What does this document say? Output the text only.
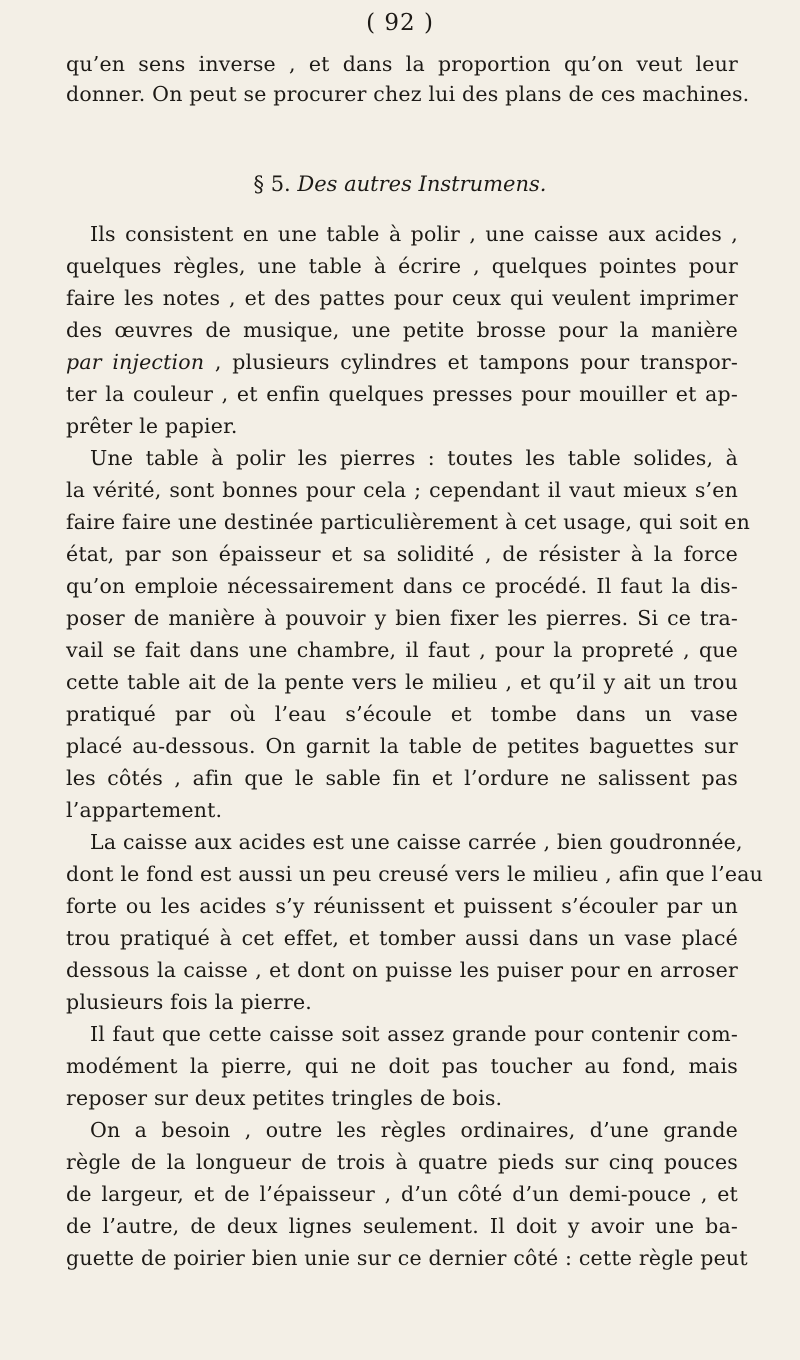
( 92 )
qu’en sens inverse , et dans la proportion qu’on veut leur
donner. On peut se procurer chez lui des plans de ces machines.
§ 5. Des autres Instrumens.
Ils consistent en une table à polir , une caisse aux acides ,
quelques règles, une table à écrire , quelques pointes pour
faire les notes , et des pattes pour ceux qui veulent imprimer
des œuvres de musique, une petite brosse pour la manière
par injection , plusieurs cylindres et tampons pour transpor-
ter la couleur , et enfin quelques presses pour mouiller et ap-
prêter le papier.
Une table à polir les pierres : toutes les table solides, à
la vérité, sont bonnes pour cela ; cependant il vaut mieux s’en
faire faire une destinée particulièrement à cet usage, qui soit en
état, par son épaisseur et sa solidité , de résister à la force
qu’on emploie nécessairement dans ce procédé. Il faut la dis-
poser de manière à pouvoir y bien fixer les pierres. Si ce tra-
vail se fait dans une chambre, il faut , pour la propreté , que
cette table ait de la pente vers le milieu , et qu’il y ait un trou
pratiqué par où l’eau s’écoule et tombe dans un vase
placé au-dessous. On garnit la table de petites baguettes sur
les côtés , afin que le sable fin et l’ordure ne salissent pas
l’appartement.
La caisse aux acides est une caisse carrée , bien goudronnée,
dont le fond est aussi un peu creusé vers le milieu , afin que l’eau
forte ou les acides s’y réunissent et puissent s’écouler par un
trou pratiqué à cet effet, et tomber aussi dans un vase placé
dessous la caisse , et dont on puisse les puiser pour en arroser
plusieurs fois la pierre.
Il faut que cette caisse soit assez grande pour contenir com-
modément la pierre, qui ne doit pas toucher au fond, mais
reposer sur deux petites tringles de bois.
On a besoin , outre les règles ordinaires, d’une grande
règle de la longueur de trois à quatre pieds sur cinq pouces
de largeur, et de l’épaisseur , d’un côté d’un demi-pouce , et
de l’autre, de deux lignes seulement. Il doit y avoir une ba-
guette de poirier bien unie sur ce dernier côté : cette règle peut
